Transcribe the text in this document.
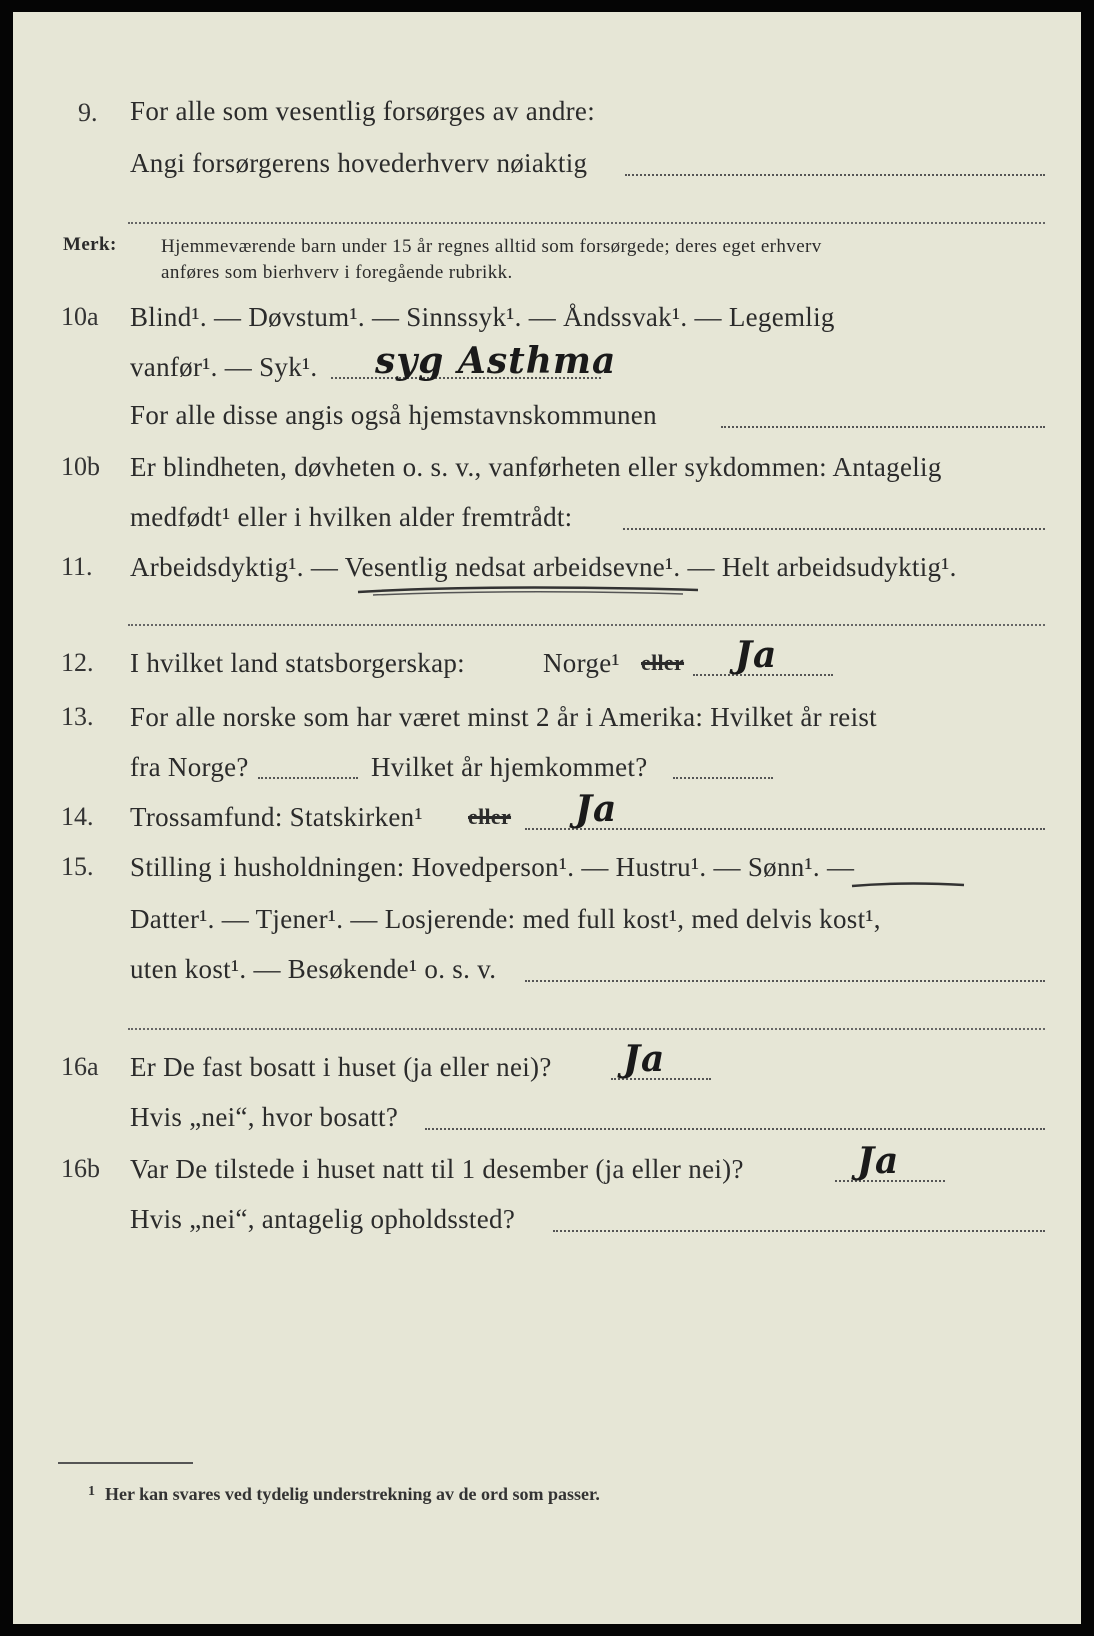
9. For alle som vesentlig forsørges av andre:
Angi forsørgerens hovederhverv nøiaktig
Merk: Hjemmeværende barn under 15 år regnes alltid som forsørgede; deres eget erhverv
anføres som bierhverv i foregående rubrikk.
10a Blind¹. — Døvstum¹. — Sinnssyk¹. — Åndssvak¹. — Legemlig
vanfør¹. — Syk¹. syg Asthma
For alle disse angis også hjemstavnskommunen
10b Er blindheten, døvheten o. s. v., vanførheten eller sykdommen: Antagelig
medfødt¹ eller i hvilken alder fremtrådt:
11. Arbeidsdyktig¹. — Vesentlig nedsat arbeidsevne¹. — Helt arbeidsudyktig¹.
12. I hvilket land statsborgerskap:	Norge¹ eller Ja
13. For alle norske som har været minst 2 år i Amerika: Hvilket år reist
fra Norge?	Hvilket år hjemkommet?
14. Trossamfund: Statskirken¹ eller Ja
15. Stilling i husholdningen: Hovedperson¹. — Hustru¹. — Sønn¹. —
Datter¹. — Tjener¹. — Losjerende: med full kost¹, med delvis kost¹,
uten kost¹. — Besøkende¹ o. s. v.
16a Er De fast bosatt i huset (ja eller nei)? Ja
Hvis „nei“, hvor bosatt?
16b Var De tilstede i huset natt til 1 desember (ja eller nei)?	Ja
Hvis „nei“, antagelig opholdssted?
1 Her kan svares ved tydelig understrekning av de ord som passer.
